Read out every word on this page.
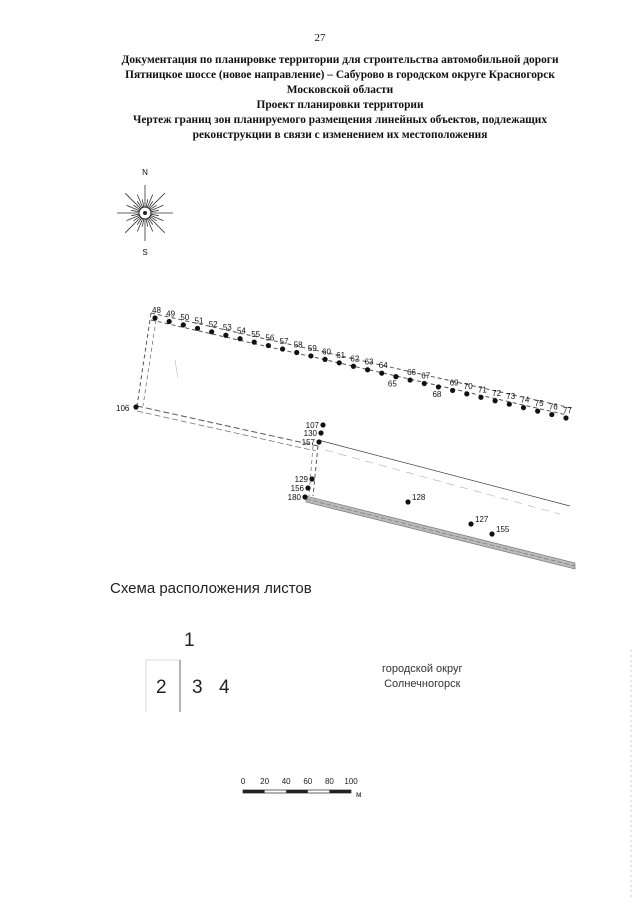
27
Документация по планировке территории для строительства автомобильной дороги
Пятницкое шоссе (новое направление) – Сабурово в городском округе Красногорск
Московской области
Проект планировки территории
Чертеж границ зон планируемого размещения линейных объектов, подлежащих
реконструкции в связи с изменением их местоположения
N
S
48 49 50 51 52 53 54 55 56 57 58 59 60 61 62 63 64
65
66 67
68
69 70 71 72 73 74 75 76 77
106
107
130
157
129
156
180	128
127
155
0 20 40 60 80 100
м
Схема расположения листов
1
2 3 4
городской округ
Солнечногорск
